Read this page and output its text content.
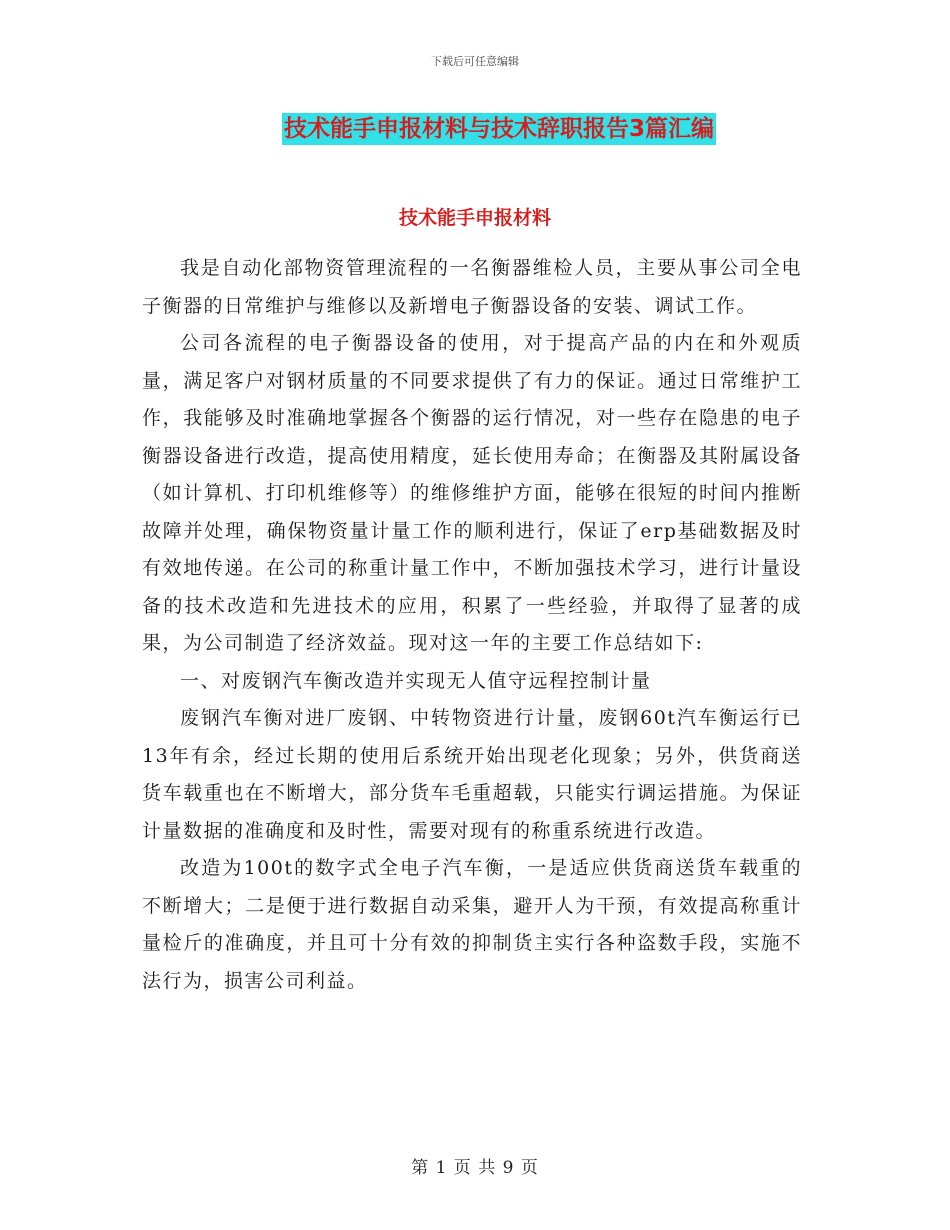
下载后可任意编辑
技术能手申报材料与技术辞职报告3篇汇编
技术能手申报材料

我是自动化部物资管理流程的一名衡器维检人员，主要从事公司全电子衡器的日常维护与维修以及新增电子衡器设备的安装、调试工作。

公司各流程的电子衡器设备的使用，对于提高产品的内在和外观质量，满足客户对钢材质量的不同要求提供了有力的保证。通过日常维护工作，我能够及时准确地掌握各个衡器的运行情况，对一些存在隐患的电子衡器设备进行改造，提高使用精度，延长使用寿命；在衡器及其附属设备（如计算机、打印机维修等）的维修维护方面，能够在很短的时间内推断故障并处理，确保物资量计量工作的顺利进行，保证了erp基础数据及时有效地传递。在公司的称重计量工作中，不断加强技术学习，进行计量设备的技术改造和先进技术的应用，积累了一些经验，并取得了显著的成果，为公司制造了经济效益。现对这一年的主要工作总结如下:

一、对废钢汽车衡改造并实现无人值守远程控制计量

废钢汽车衡对进厂废钢、中转物资进行计量，废钢60t汽车衡运行已13年有余，经过长期的使用后系统开始出现老化现象；另外，供货商送货车载重也在不断增大，部分货车毛重超载，只能实行调运措施。为保证计量数据的准确度和及时性，需要对现有的称重系统进行改造。

改造为100t的数字式全电子汽车衡，一是适应供货商送货车载重的不断增大；二是便于进行数据自动采集，避开人为干预，有效提高称重计量检斤的准确度，并且可十分有效的抑制货主实行各种盗数手段，实施不法行为，损害公司利益。

第 1 页 共 9 页
